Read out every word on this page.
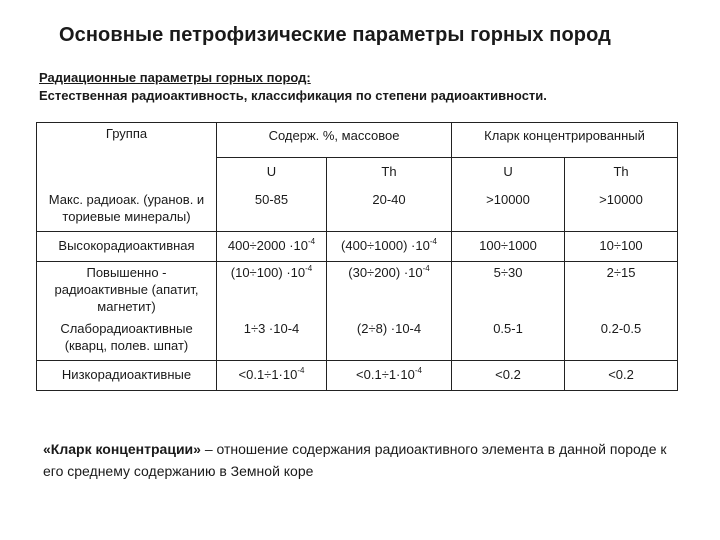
Основные петрофизические параметры горных пород
Радиационные параметры горных пород:
Естественная радиоактивность, классификация по степени радиоактивности.
Группа	Содерж. %, массовое		Кларк концентрированный	
	U	Th	U	Th
Макс. радиоак. (уранов. и ториевые минералы)	50-85	20-40	>10000	>10000
Высокорадиоактивная	$400\div 2000 \cdot 10^{-4}$	$(400\div 1000) \cdot 10^{-4}$	100÷1000	10÷100
Повышенно - радиоактивные (апатит, магнетит)	$(10\div 100) \cdot 10^{-4}$	$(30\div 200) \cdot 10^{-4}$	5÷30	2÷15
Слаборадиоактивные (кварц, полев. шпат)	1÷3 ·10-4	(2÷8) ·10-4	0.5-1	0.2-0.5
Низкорадиоактивные	$<0.1\div 1\cdot 10^{-4}$	$<0.1\div 1\cdot 10^{-4}$	<0.2	<0.2
«Кларк концентрации» – отношение содержания радиоактивного элемента в данной породе к его среднему содержанию в Земной коре
